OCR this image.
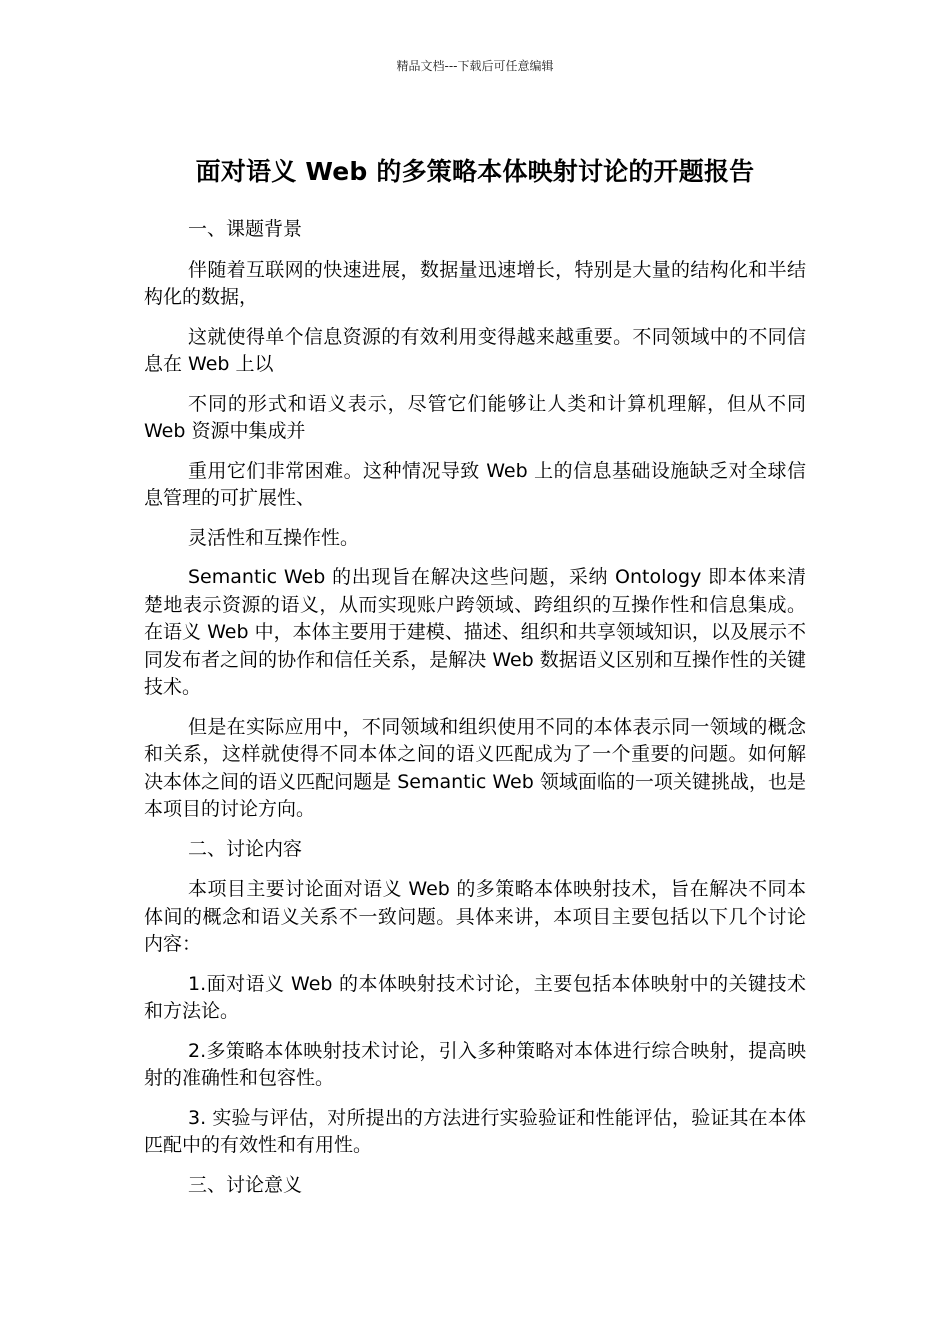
精品文档---下载后可任意编辑
面对语义 Web 的多策略本体映射讨论的开题报告

一、课题背景

伴随着互联网的快速进展，数据量迅速增长，特别是大量的结构化和半结构化的数据，

这就使得单个信息资源的有效利用变得越来越重要。不同领域中的不同信息在 Web 上以

不同的形式和语义表示，尽管它们能够让人类和计算机理解，但从不同 Web 资源中集成并

重用它们非常困难。这种情况导致 Web 上的信息基础设施缺乏对全球信息管理的可扩展性、

灵活性和互操作性。

Semantic Web 的出现旨在解决这些问题，采纳 Ontology 即本体来清楚地表示资源的语义，从而实现账户跨领域、跨组织的互操作性和信息集成。在语义 Web 中，本体主要用于建模、描述、组织和共享领域知识，以及展示不同发布者之间的协作和信任关系，是解决 Web 数据语义区别和互操作性的关键技术。

但是在实际应用中，不同领域和组织使用不同的本体表示同一领域的概念和关系，这样就使得不同本体之间的语义匹配成为了一个重要的问题。如何解决本体之间的语义匹配问题是 Semantic Web 领域面临的一项关键挑战，也是本项目的讨论方向。

二、讨论内容

本项目主要讨论面对语义 Web 的多策略本体映射技术，旨在解决不同本体间的概念和语义关系不一致问题。具体来讲，本项目主要包括以下几个讨论内容：

1.面对语义 Web 的本体映射技术讨论，主要包括本体映射中的关键技术和方法论。

2.多策略本体映射技术讨论，引入多种策略对本体进行综合映射，提高映射的准确性和包容性。

3. 实验与评估，对所提出的方法进行实验验证和性能评估，验证其在本体匹配中的有效性和有用性。

三、讨论意义
